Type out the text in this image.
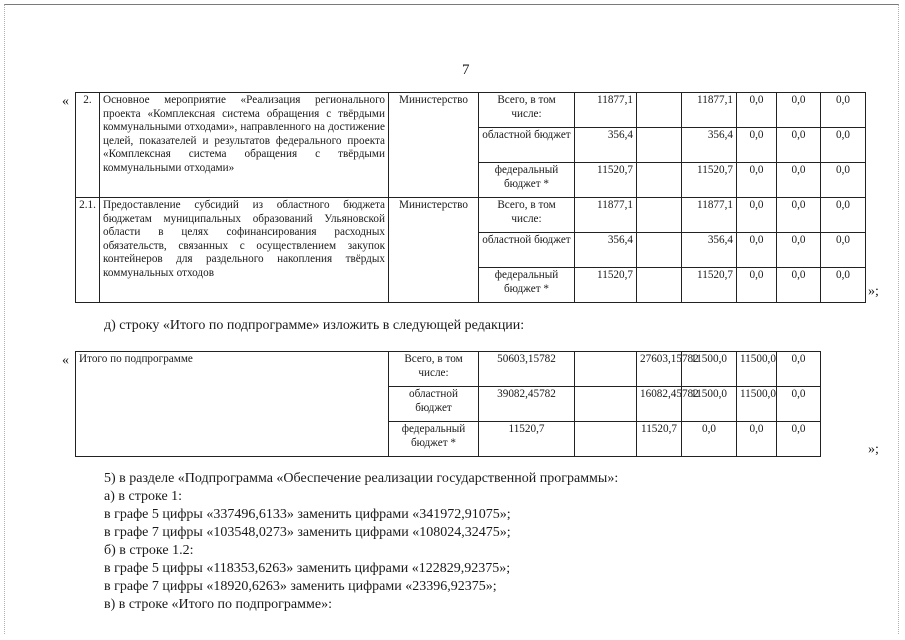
7
« 2.	Основное мероприятие «Реализация регионального проекта «Комплексная система обращения с твёрдыми коммунальными отходами», направленного на достижение целей, показателей и результатов федерального проекта «Комплексная система обращения с твёрдыми коммунальными отходами»	Министерство	Всего, в том числе:	11877,1		11877,1	0,0	0,0	0,0
			областной бюджет	356,4		356,4	0,0	0,0	0,0
			федеральный бюджет *	11520,7		11520,7	0,0	0,0	0,0
2.1.	Предоставление субсидий из областного бюджета бюджетам муниципальных образований Ульяновской области в целях софинансирования расходных обязательств, связанных с осуществлением закупок контейнеров для раздельного накопления твёрдых коммунальных отходов	Министерство	Всего, в том числе:	11877,1		11877,1	0,0	0,0	0,0
			областной бюджет	356,4		356,4	0,0	0,0	0,0
			федеральный бюджет *	11520,7		11520,7	0,0	0,0	0,0
»;
д) строку «Итого по подпрограмме» изложить в следующей редакции:
« Итого по подпрограмме	Всего, в том числе:	50603,15782		27603,15782	11500,0	11500,0	0,0
	областной бюджет	39082,45782		16082,45782	11500,0	11500,0	0,0
	федеральный бюджет *	11520,7		11520,7	0,0	0,0	0,0
»;
5) в разделе «Подпрограмма «Обеспечение реализации государственной программы»:
а) в строке 1:
в графе 5 цифры «337496,6133» заменить цифрами «341972,91075»;
в графе 7 цифры «103548,0273» заменить цифрами «108024,32475»;
б) в строке 1.2:
в графе 5 цифры «118353,6263» заменить цифрами «122829,92375»;
в графе 7 цифры «18920,6263» заменить цифрами «23396,92375»;
в) в строке «Итого по подпрограмме»:
